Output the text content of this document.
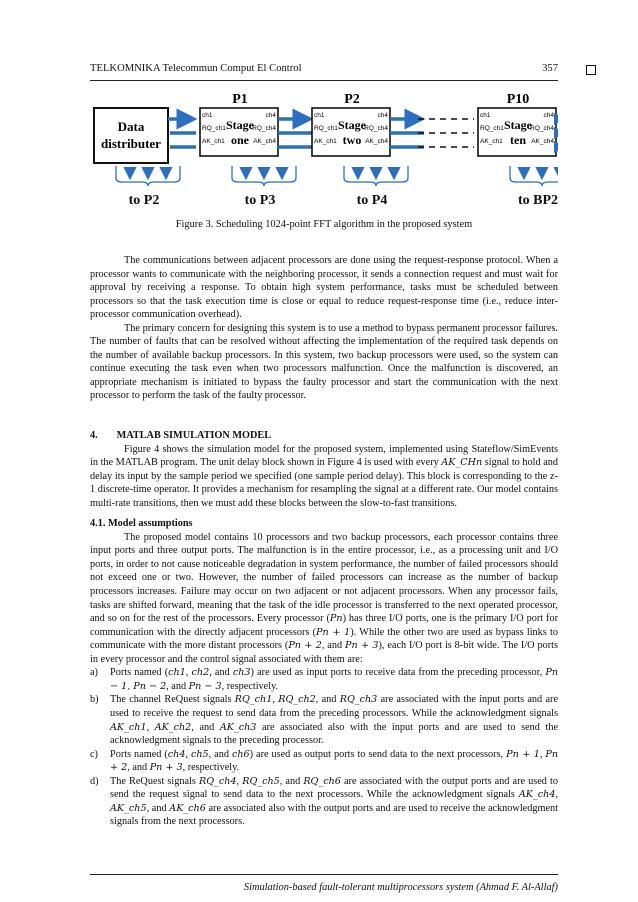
TELKOMNIKA Telecommun Comput El Control	357
Data
distributer
P1
Stage
one
ch1
RQ_ch1
AK_ch1
ch4
RQ_ch4
AK_ch4
P2
Stage
two
ch1
RQ_ch1
AK_ch1
ch4
RQ_ch4
AK_ch4
P10
Stage
ten
ch1
RQ_ch1
AK_ch1
ch4
RQ_ch4
AK_ch4
to P2	to P3	to P4	to BP2
Figure 3. Scheduling 1024-point FFT algorithm in the proposed system

The communications between adjacent processors are done using the request-response protocol. When a processor wants to communicate with the neighboring processor, it sends a connection request and must wait for approval by receiving a response. To obtain high system performance, tasks must be scheduled between processors so that the task execution time is close or equal to reduce request-response time (i.e., reduce inter-processor communication overhead).

The primary concern for designing this system is to use a method to bypass permanent processor failures. The number of faults that can be resolved without affecting the implementation of the required task depends on the number of available backup processors. In this system, two backup processors were used, so the system can continue executing the task even when two processors malfunction. Once the malfunction is discovered, an appropriate mechanism is initiated to bypass the faulty processor and start the communication with the next processor to perform the task of the faulty processor.

4. MATLAB SIMULATION MODEL

Figure 4 shows the simulation model for the proposed system, implemented using Stateflow/SimEvents in the MATLAB program. The unit delay block shown in Figure 4 is used with every AK_CHn signal to hold and delay its input by the sample period we specified (one sample period delay). This block is corresponding to the z-1 discrete-time operator. It provides a mechanism for resampling the signal at a different rate. Our model contains multi-rate transitions, then we must add these blocks between the slow-to-fast transitions.

4.1. Model assumptions

The proposed model contains 10 processors and two backup processors, each processor contains three input ports and three output ports. The malfunction is in the entire processor, i.e., as a processing unit and I/O ports, in order to not cause noticeable degradation in system performance, the number of failed processors should not exceed one or two. However, the number of failed processors can increase as the number of backup processors increases. Failure may occur on two adjacent or not adjacent processors. When any processor fails, tasks are shifted forward, meaning that the task of the idle processor is transferred to the next operated processor, and so on for the rest of the processors. Every processor (Pn) has three I/O ports, one is the primary I/O port for communication with the directly adjacent processors (Pn + 1). While the other two are used as bypass links to communicate with the more distant processors (Pn + 2, and Pn + 3), each I/O port is 8-bit wide. The I/O ports in every processor and the control signal associated with them are:

a) Ports named (ch1, ch2, and ch3) are used as input ports to receive data from the preceding processor, Pn − 1, Pn − 2, and Pn − 3, respectively.
b) The channel ReQuest signals RQ_ch1, RQ_ch2, and RQ_ch3 are associated with the input ports and are used to receive the request to send data from the preceding processors. While the acknowledgment signals AK_ch1, AK_ch2, and AK_ch3 are associated also with the input ports and are used to send the acknowledgment signals to the preceding processor.
c) Ports named (ch4, ch5, and ch6) are used as output ports to send data to the next processors, Pn + 1, Pn + 2, and Pn + 3, respectively.
d) The ReQuest signals RQ_ch4, RQ_ch5, and RQ_ch6 are associated with the output ports and are used to send the request signal to send data to the next processors. While the acknowledgment signals AK_ch4, AK_ch5, and AK_ch6 are associated also with the output ports and are used to receive the acknowledgment signals from the next processors.
Simulation-based fault-tolerant multiprocessors system (Ahmad F. Al-Allaf)
